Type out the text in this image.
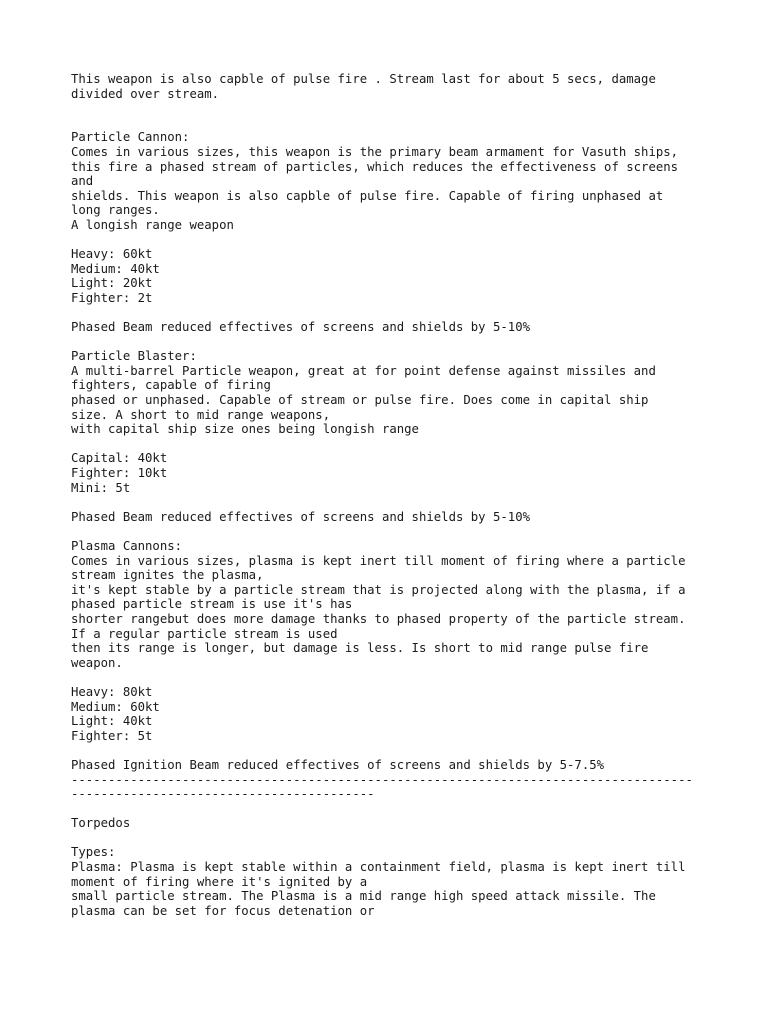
This weapon is also capble of pulse fire . Stream last for about 5 secs, damage
divided over stream.
Particle Cannon:
Comes in various sizes, this weapon is the primary beam armament for Vasuth ships,
this fire a phased stream of particles, which reduces the effectiveness of screens
and
shields. This weapon is also capble of pulse fire. Capable of firing unphased at
long ranges.
A longish range weapon
Heavy: 60kt
Medium: 40kt
Light: 20kt
Fighter: 2t
Phased Beam reduced effectives of screens and shields by 5-10%
Particle Blaster:
A multi-barrel Particle weapon, great at for point defense against missiles and
fighters, capable of firing
phased or unphased. Capable of stream or pulse fire. Does come in capital ship
size. A short to mid range weapons,
with capital ship size ones being longish range
Capital: 40kt
Fighter: 10kt
Mini: 5t
Phased Beam reduced effectives of screens and shields by 5-10%
Plasma Cannons:
Comes in various sizes, plasma is kept inert till moment of firing where a particle
stream ignites the plasma,
it's kept stable by a particle stream that is projected along with the plasma, if a
phased particle stream is use it's has
shorter rangebut does more damage thanks to phased property of the particle stream.
If a regular particle stream is used
then its range is longer, but damage is less. Is short to mid range pulse fire
weapon.
Heavy: 80kt
Medium: 60kt
Light: 40kt
Fighter: 5t
Phased Ignition Beam reduced effectives of screens and shields by 5-7.5%
------------------------------------------------------------------------------------
-----------------------------------------
Torpedos
Types:
Plasma: Plasma is kept stable within a containment field, plasma is kept inert till
moment of firing where it's ignited by a
small particle stream. The Plasma is a mid range high speed attack missile. The
plasma can be set for focus detenation or
